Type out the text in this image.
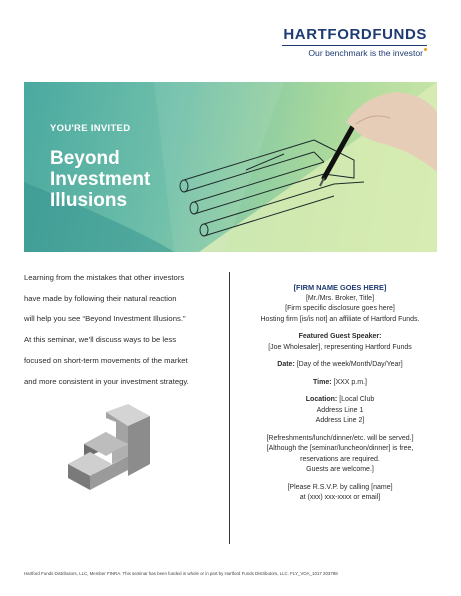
HARTFORDFUNDS
Our benchmark is the investor
YOU'RE INVITED
Beyond
Investment
Illusions

Learning from the mistakes that other investors
have made by following their natural reaction
will help you see “Beyond Investment Illusions.”
At this seminar, we’ll discuss ways to be less
focused on short-term movements of the market
and more consistent in your investment strategy.

[FIRM NAME GOES HERE]
[Mr./Mrs. Broker, Title]
[Firm specific disclosure goes here]
Hosting firm [is/is not] an affiliate of Hartford Funds.
Featured Guest Speaker:
[Joe Wholesaler], representing Hartford Funds
Date: [Day of the week/Month/Day/Year]
Time: [XXX p.m.]
Location: [Local Club
Address Line 1
Address Line 2]
[Refreshments/lunch/dinner/etc. will be served.]
[Although the [seminar/luncheon/dinner] is free,
reservations are required.
Guests are welcome.]
[Please R.S.V.P. by calling [name]
at (xxx) xxx-xxxx or email]
Hartford Funds Distributors, LLC, Member FINRA. This seminar has been funded in whole or in part by Hartford Funds Distributors, LLC. FLY_VOA_1017 203788
